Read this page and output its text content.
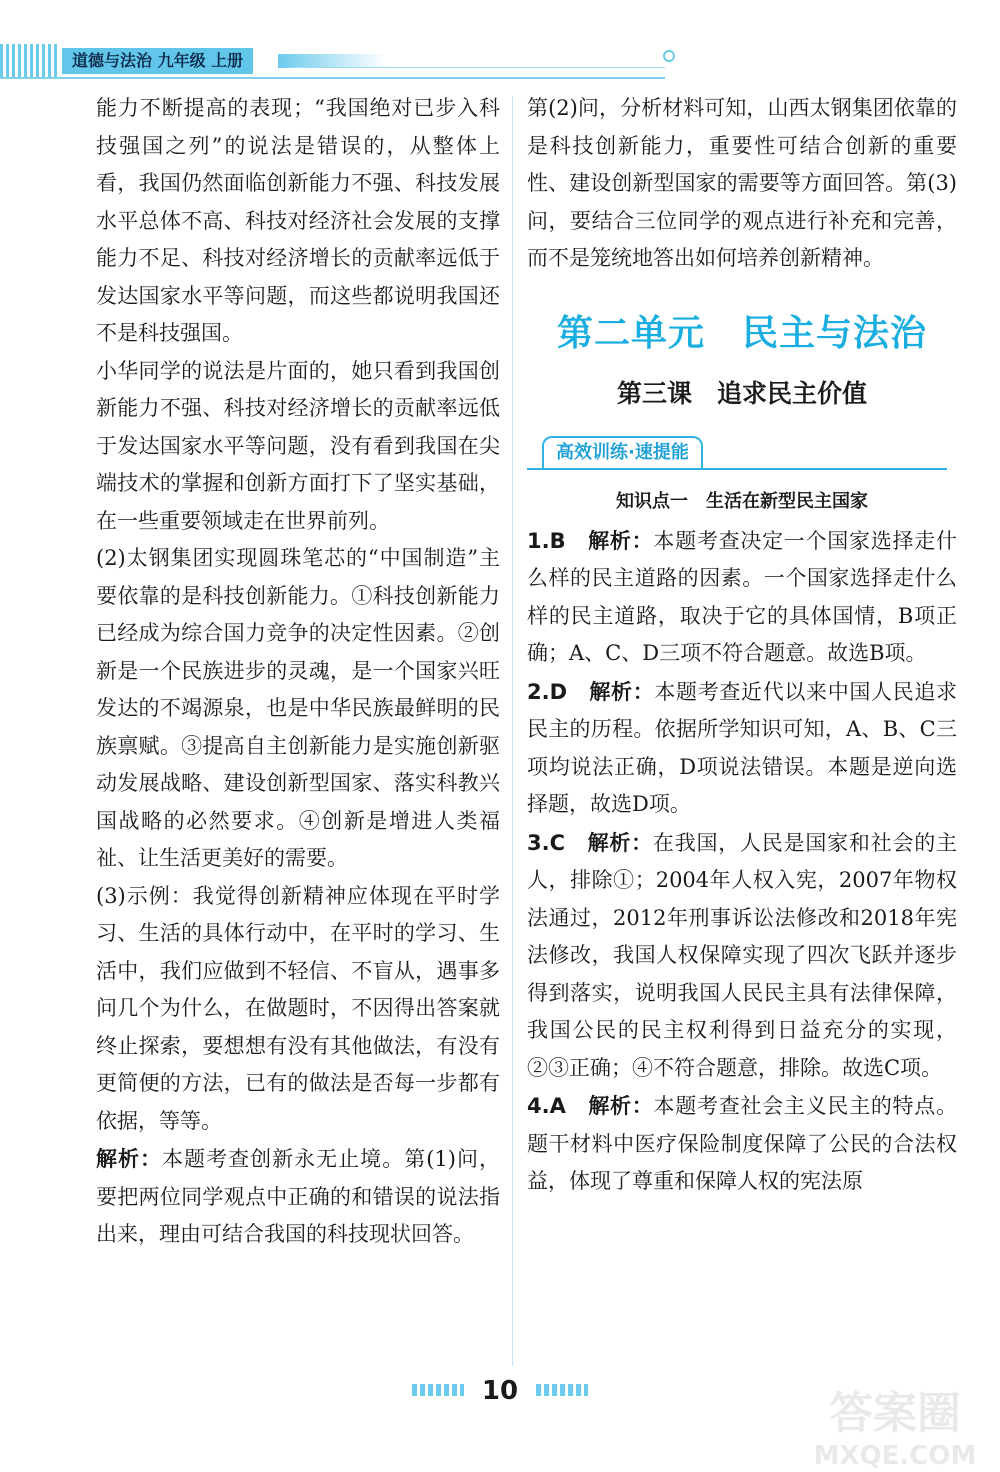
道德与法治 九年级 上册

能力不断提高的表现；“我国绝对已步入科技强国之列”的说法是错误的，从整体上看，我国仍然面临创新能力不强、科技发展水平总体不高、科技对经济社会发展的支撑能力不足、科技对经济增长的贡献率远低于发达国家水平等问题，而这些都说明我国还不是科技强国。

小华同学的说法是片面的，她只看到我国创新能力不强、科技对经济增长的贡献率远低于发达国家水平等问题，没有看到我国在尖端技术的掌握和创新方面打下了坚实基础，在一些重要领域走在世界前列。

(2)太钢集团实现圆珠笔芯的“中国制造”主要依靠的是科技创新能力。①科技创新能力已经成为综合国力竞争的决定性因素。②创新是一个民族进步的灵魂，是一个国家兴旺发达的不竭源泉，也是中华民族最鲜明的民族禀赋。③提高自主创新能力是实施创新驱动发展战略、建设创新型国家、落实科教兴国战略的必然要求。④创新是增进人类福祉、让生活更美好的需要。

(3)示例：我觉得创新精神应体现在平时学习、生活的具体行动中，在平时的学习、生活中，我们应做到不轻信、不盲从，遇事多问几个为什么，在做题时，不因得出答案就终止探索，要想想有没有其他做法，有没有更简便的方法，已有的做法是否每一步都有依据，等等。

解析：本题考查创新永无止境。第(1)问，要把两位同学观点中正确的和错误的说法指出来，理由可结合我国的科技现状回答。

第(2)问，分析材料可知，山西太钢集团依靠的是科技创新能力，重要性可结合创新的重要性、建设创新型国家的需要等方面回答。第(3)问，要结合三位同学的观点进行补充和完善，而不是笼统地答出如何培养创新精神。

第二单元　民主与法治
第三课　追求民主价值
高效训练·速提能
知识点一　生活在新型民主国家

1.B　 解析：本题考查决定一个国家选择走什么样的民主道路的因素。一个国家选择走什么样的民主道路，取决于它的具体国情，B项正确；A、C、D三项不符合题意。故选B项。

2.D　 解析：本题考查近代以来中国人民追求民主的历程。依据所学知识可知，A、B、C三项均说法正确，D项说法错误。本题是逆向选择题，故选D项。

3.C　 解析：在我国，人民是国家和社会的主人，排除①；2004年人权入宪，2007年物权法通过，2012年刑事诉讼法修改和2018年宪法修改，我国人权保障实现了四次飞跃并逐步得到落实，说明我国人民民主具有法律保障，我国公民的民主权利得到日益充分的实现，②③正确；④不符合题意，排除。故选C项。

4.A　 解析：本题考查社会主义民主的特点。题干材料中医疗保险制度保障了公民的合法权益，体现了尊重和保障人权的宪法原

10	答案圈
MXQE.COM
